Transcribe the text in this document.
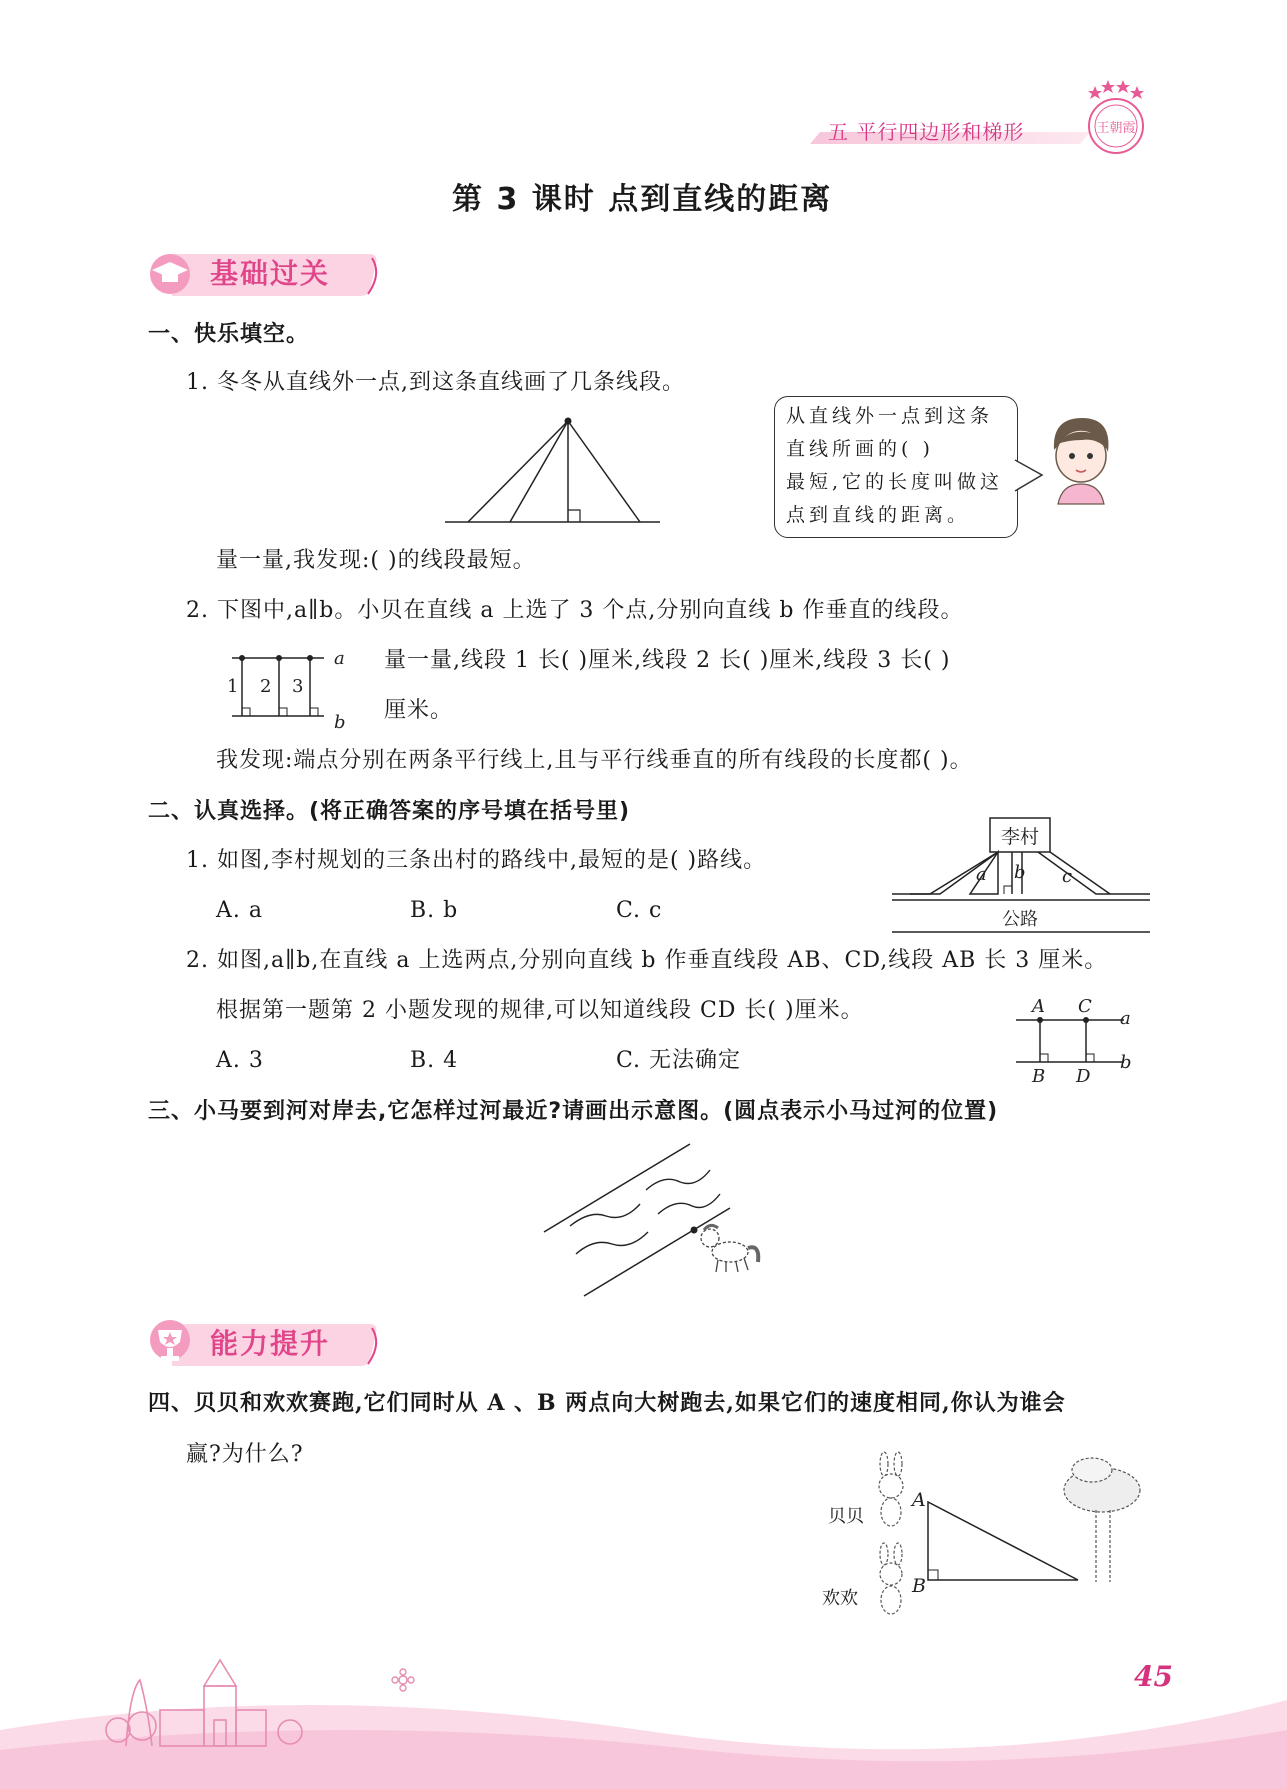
五 平行四边形和梯形	王朝霞
第 3 课时 点到直线的距离
基础过关
一、快乐填空。
1. 冬冬从直线外一点,到这条直线画了几条线段。
从直线外一点到这条
直线所画的( )
最短,它的长度叫做这
点到直线的距离。
量一量,我发现:( )的线段最短。
2. 下图中,a∥b。小贝在直线 a 上选了 3 个点,分别向直线 b 作垂直的线段。
a
b
1 2 3
量一量,线段 1 长( )厘米,线段 2 长( )厘米,线段 3 长( )
厘米。
我发现:端点分别在两条平行线上,且与平行线垂直的所有线段的长度都( )。
二、认真选择。(将正确答案的序号填在括号里)
1. 如图,李村规划的三条出村的路线中,最短的是( )路线。
李村
a b c
公路
A. a	B. b	C. c
2. 如图,a∥b,在直线 a 上选两点,分别向直线 b 作垂直线段 AB、CD,线段 AB 长 3 厘米。
根据第一题第 2 小题发现的规律,可以知道线段 CD 长( )厘米。	A C
B D
a
b
A. 3	B. 4	C. 无法确定
三、小马要到河对岸去,它怎样过河最近?请画出示意图。(圆点表示小马过河的位置)
能力提升
四、贝贝和欢欢赛跑,它们同时从 A 、B 两点向大树跑去,如果它们的速度相同,你认为谁会
赢?为什么?
A
B
贝贝
欢欢
45
